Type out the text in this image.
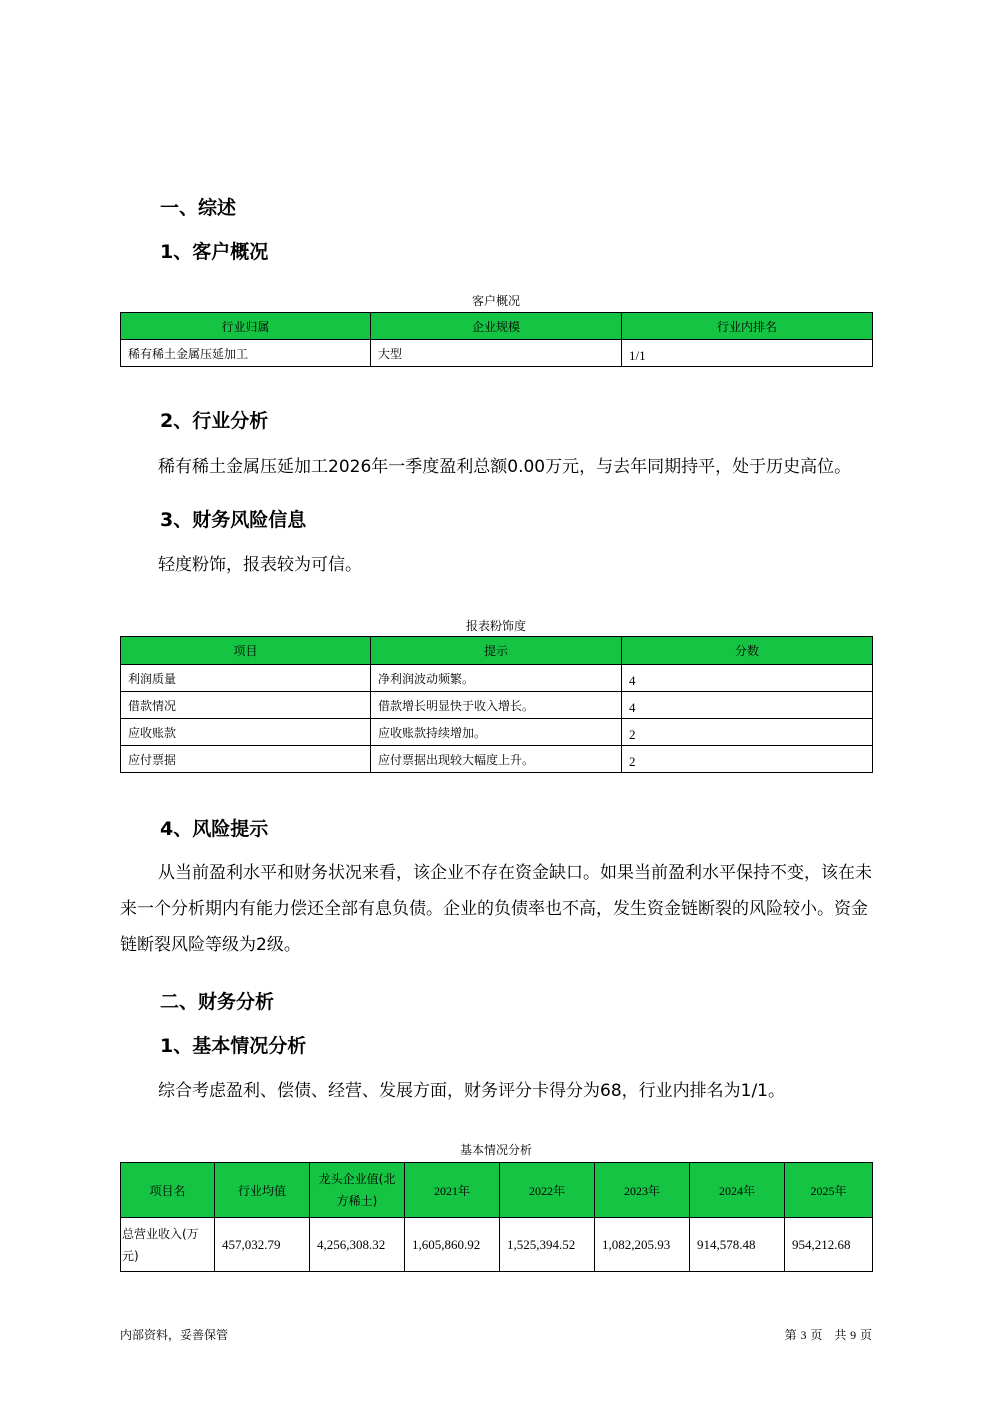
一、综述
1、客户概况
客户概况
行业归属	企业规模	行业内排名
稀有稀土金属压延加工	大型	1/1
2、行业分析
稀有稀土金属压延加工2026年一季度盈利总额0.00万元，与去年同期持平，处于历史高位。
3、财务风险信息
轻度粉饰，报表较为可信。
报表粉饰度
项目	提示	分数
利润质量	净利润波动频繁。	4
借款情况	借款增长明显快于收入增长。	4
应收账款	应收账款持续增加。	2
应付票据	应付票据出现较大幅度上升。	2
4、风险提示
从当前盈利水平和财务状况来看，该企业不存在资金缺口。如果当前盈利水平保持不变，该在未来一个分析期内有能力偿还全部有息负债。企业的负债率也不高，发生资金链断裂的风险较小。资金链断裂风险等级为2级。
二、财务分析
1、基本情况分析
综合考虑盈利、偿债、经营、发展方面，财务评分卡得分为68，行业内排名为1/1。
基本情况分析
项目名	行业均值	龙头企业值(北方稀土)	2021年	2022年	2023年	2024年	2025年
总营业收入(万元)	457,032.79	4,256,308.32	1,605,860.92	1,525,394.52	1,082,205.93	914,578.48	954,212.68
内部资料，妥善保管	第 3 页　共 9 页
